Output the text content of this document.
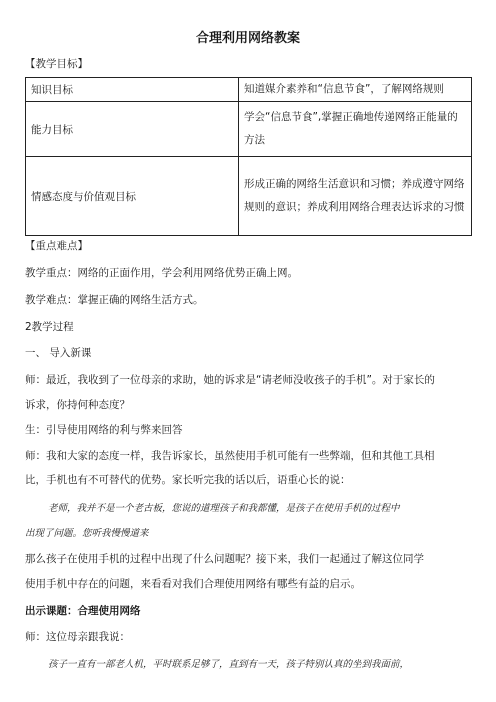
合理利用网络教案
【教学目标】
知识目标	知道媒介素养和“信息节食”，了解网络规则
能力目标	学会“信息节食”,掌握正确地传递网络正能量的方法
情感态度与价值观目标	形成正确的网络生活意识和习惯；养成遵守网络规则的意识；养成利用网络合理表达诉求的习惯
【重点难点】
教学重点：网络的正面作用，学会利用网络优势正确上网。
教学难点：掌握正确的网络生活方式。
2教学过程
一、 导入新课
师：最近，我收到了一位母亲的求助，她的诉求是“请老师没收孩子的手机”。对于家长的
诉求，你持何种态度？
生：引导使用网络的利与弊来回答
师：我和大家的态度一样，我告诉家长，虽然使用手机可能有一些弊端，但和其他工具相
比，手机也有不可替代的优势。家长听完我的话以后，语重心长的说：
老师，我并不是一个老古板，您说的道理孩子和我都懂，是孩子在使用手机的过程中
出现了问题。您听我慢慢道来
那么孩子在使用手机的过程中出现了什么问题呢？接下来，我们一起通过了解这位同学
使用手机中存在的问题，来看看对我们合理使用网络有哪些有益的启示。
出示课题：合理使用网络
师：这位母亲跟我说：
孩子一直有一部老人机，平时联系足够了，直到有一天，孩子特别认真的坐到我面前，
